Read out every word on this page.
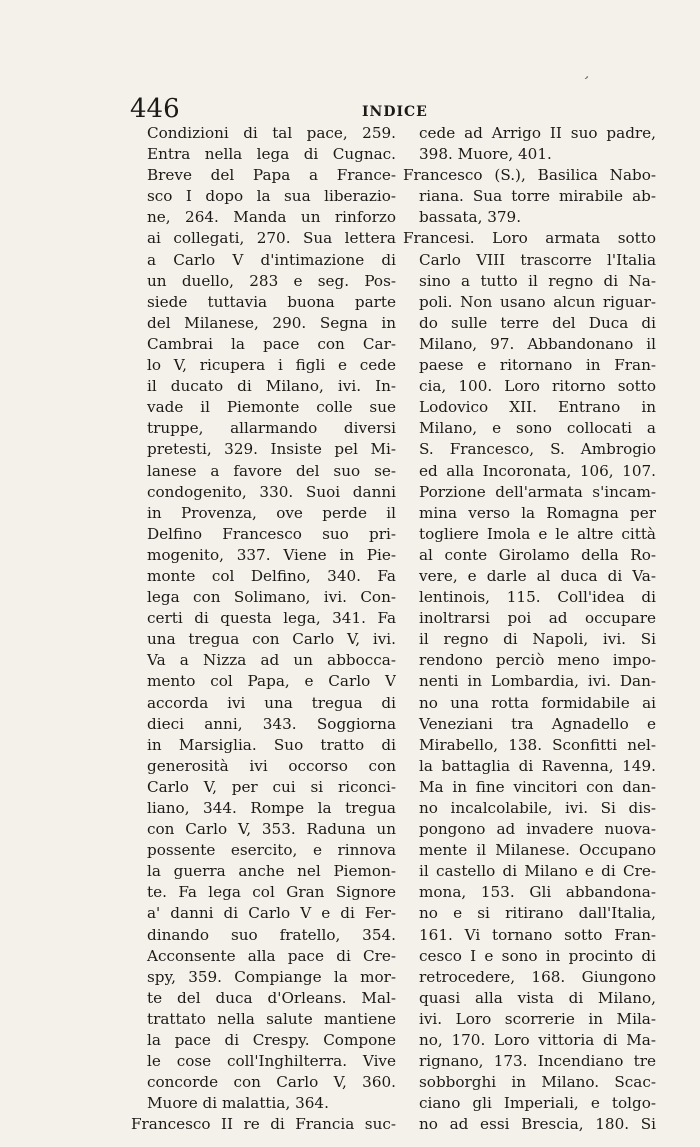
,
446	INDICE
Condizioni di tal pace, 259.
Entra nella lega di Cugnac.
Breve del Papa a France-
sco I dopo la sua liberazio-
ne, 264. Manda un rinforzo
ai collegati, 270. Sua lettera
a Carlo V d'intimazione di
un duello, 283 e seg. Pos-
siede tuttavia buona parte
del Milanese, 290. Segna in
Cambrai la pace con Car-
lo V, ricupera i figli e cede
il ducato di Milano, ivi. In-
vade il Piemonte colle sue
truppe, allarmando diversi
pretesti, 329. Insiste pel Mi-
lanese a favore del suo se-
condogenito, 330. Suoi danni
in Provenza, ove perde il
Delfino Francesco suo pri-
mogenito, 337. Viene in Pie-
monte col Delfino, 340. Fa
lega con Solimano, ivi. Con-
certi di questa lega, 341. Fa
una tregua con Carlo V, ivi.
Va a Nizza ad un abbocca-
mento col Papa, e Carlo V
accorda ivi una tregua di
dieci anni, 343. Soggiorna
in Marsiglia. Suo tratto di
generosità ivi occorso con
Carlo V, per cui si riconci-
liano, 344. Rompe la tregua
con Carlo V, 353. Raduna un
possente esercito, e rinnova
la guerra anche nel Piemon-
te. Fa lega col Gran Signore
a' danni di Carlo V e di Fer-
dinando suo fratello, 354.
Acconsente alla pace di Cre-
spy, 359. Compiange la mor-
te del duca d'Orleans. Mal-
trattato nella salute mantiene
la pace di Crespy. Compone
le cose coll'Inghilterra. Vive
concorde con Carlo V, 360.
Muore di malattia, 364.
Francesco II re di Francia suc-
cede ad Arrigo II suo padre,
398. Muore, 401.
Francesco (S.), Basilica Nabo-
riana. Sua torre mirabile ab-
bassata, 379.
Francesi. Loro armata sotto
Carlo VIII trascorre l'Italia
sino a tutto il regno di Na-
poli. Non usano alcun riguar-
do sulle terre del Duca di
Milano, 97. Abbandonano il
paese e ritornano in Fran-
cia, 100. Loro ritorno sotto
Lodovico XII. Entrano in
Milano, e sono collocati a
S. Francesco, S. Ambrogio
ed alla Incoronata, 106, 107.
Porzione dell'armata s'incam-
mina verso la Romagna per
togliere Imola e le altre città
al conte Girolamo della Ro-
vere, e darle al duca di Va-
lentinois, 115. Coll'idea di
inoltrarsi poi ad occupare
il regno di Napoli, ivi. Si
rendono perciò meno impo-
nenti in Lombardia, ivi. Dan-
no una rotta formidabile ai
Veneziani tra Agnadello e
Mirabello, 138. Sconfitti nel-
la battaglia di Ravenna, 149.
Ma in fine vincitori con dan-
no incalcolabile, ivi. Si dis-
pongono ad invadere nuova-
mente il Milanese. Occupano
il castello di Milano e di Cre-
mona, 153. Gli abbandona-
no e si ritirano dall'Italia,
161. Vi tornano sotto Fran-
cesco I e sono in procinto di
retrocedere, 168. Giungono
quasi alla vista di Milano,
ivi. Loro scorrerie in Mila-
no, 170. Loro vittoria di Ma-
rignano, 173. Incendiano tre
sobborghi in Milano. Scac-
ciano gli Imperiali, e tolgo-
no ad essi Brescia, 180. Si
